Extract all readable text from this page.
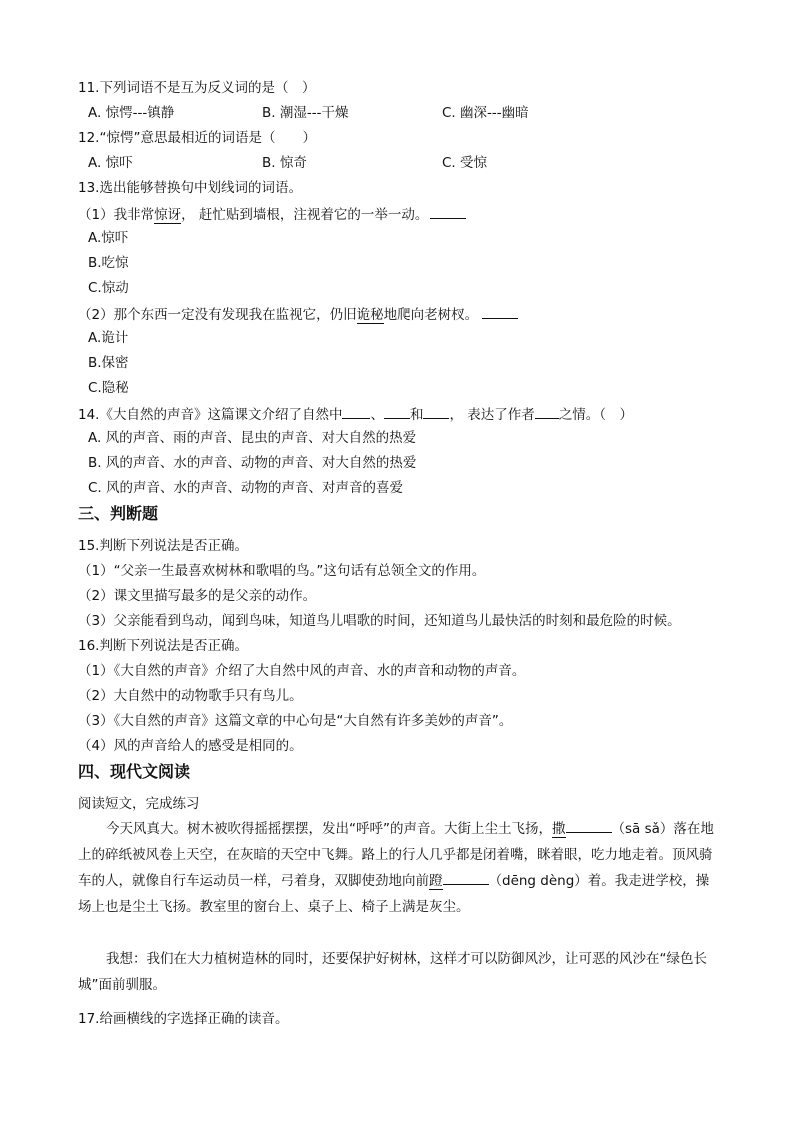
11.下列词语不是互为反义词的是（　）
A. 惊愕---镇静	B. 潮湿---干燥	C. 幽深---幽暗
12.“惊愕”意思最相近的词语是（　　）
A. 惊吓	B. 惊奇	C. 受惊
13.选出能够替换句中划线词的词语。
（1）我非常惊讶， 赶忙贴到墙根，注视着它的一举一动。
A.惊吓
B.吃惊
C.惊动
（2）那个东西一定没有发现我在监视它，仍旧诡秘地爬向老树杈。
A.诡计
B.保密
C.隐秘
14.《大自然的声音》这篇课文介绍了自然中 、 和 ， 表达了作者 之情。（　）
A. 风的声音、雨的声音、昆虫的声音、对大自然的热爱
B. 风的声音、水的声音、动物的声音、对大自然的热爱
C. 风的声音、水的声音、动物的声音、对声音的喜爱
三、判断题
15.判断下列说法是否正确。
（1）“父亲一生最喜欢树林和歌唱的鸟。”这句话有总领全文的作用。
（2）课文里描写最多的是父亲的动作。
（3）父亲能看到鸟动，闻到鸟味，知道鸟儿唱歌的时间，还知道鸟儿最快活的时刻和最危险的时候。
16.判断下列说法是否正确。
（1）《大自然的声音》介绍了大自然中风的声音、水的声音和动物的声音。
（2）大自然中的动物歌手只有鸟儿。
（3）《大自然的声音》这篇文章的中心句是“大自然有许多美妙的声音”。
（4）风的声音给人的感受是相同的。
四、现代文阅读
阅读短文，完成练习
今天风真大。树木被吹得摇摇摆摆，发出“呼呼”的声音。大街上尘土飞扬，撒	（sā sǎ）落在地上的碎纸被风卷上天空，在灰暗的天空中飞舞。路上的行人几乎都是闭着嘴，眯着眼，吃力地走着。顶风骑车的人，就像自行车运动员一样，弓着身，双脚使劲地向前蹬	（dēng dèng）着。我走进学校，操场上也是尘土飞扬。教室里的窗台上、桌子上、椅子上满是灰尘。
我想：我们在大力植树造林的同时，还要保护好树林，这样才可以防御风沙，让可恶的风沙在“绿色长城”面前驯服。
17.给画横线的字选择正确的读音。
